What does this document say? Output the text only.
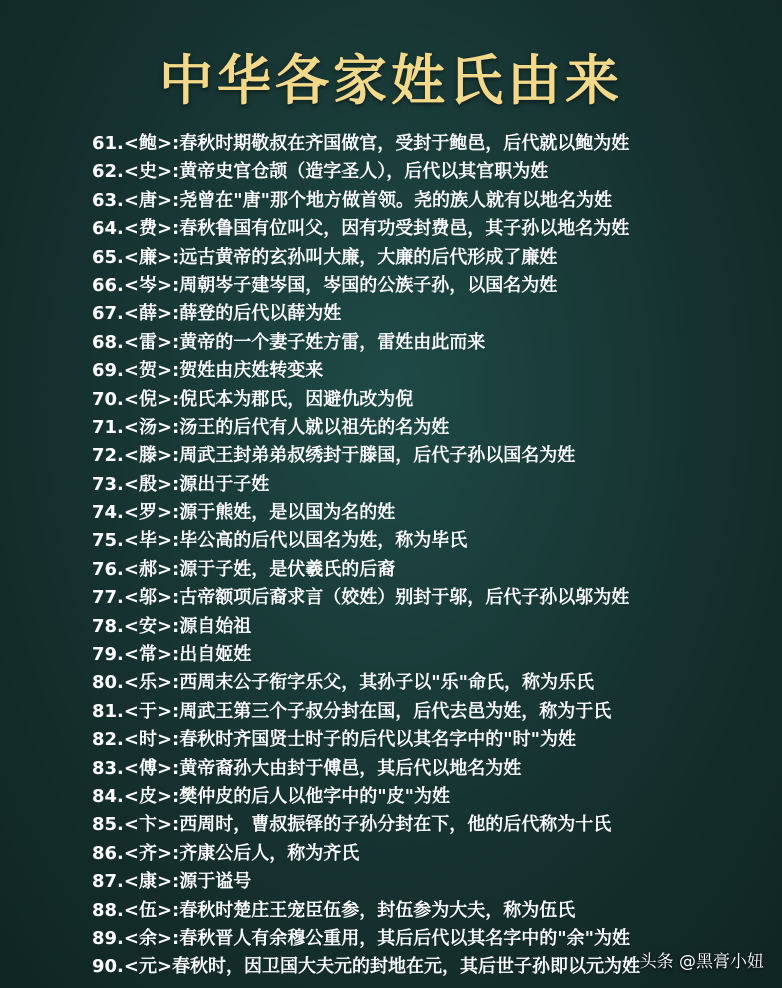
中华各家姓氏由来
61.<鲍>:春秋时期敬叔在齐国做官，受封于鲍邑，后代就以鲍为姓
62.<史>:黄帝史官仓颉（造字圣人），后代以其官职为姓
63.<唐>:尧曾在"唐"那个地方做首领。尧的族人就有以地名为姓
64.<费>:春秋鲁国有位叫父，因有功受封费邑，其子孙以地名为姓
65.<廉>:远古黄帝的玄孙叫大廉，大廉的后代形成了廉姓
66.<岑>:周朝岑子建岑国，岑国的公族子孙，以国名为姓
67.<薛>:薛登的后代以薛为姓
68.<雷>:黄帝的一个妻子姓方雷，雷姓由此而来
69.<贺>:贺姓由庆姓转变来
70.<倪>:倪氏本为郡氏，因避仇改为倪
71.<汤>:汤王的后代有人就以祖先的名为姓
72.<滕>:周武王封弟弟叔绣封于滕国，后代子孙以国名为姓
73.<殷>:源出于子姓
74.<罗>:源于熊姓，是以国为名的姓
75.<毕>:毕公高的后代以国名为姓，称为毕氏
76.<郝>:源于子姓，是伏羲氏的后裔
77.<邬>:古帝额项后裔求言（姣姓）别封于邬，后代子孙以邬为姓
78.<安>:源自始祖
79.<常>:出自姬姓
80.<乐>:西周末公子衔字乐父，其孙子以"乐"命氏，称为乐氏
81.<于>:周武王第三个子叔分封在国，后代去邑为姓，称为于氏
82.<时>:春秋时齐国贤士时子的后代以其名字中的"时"为姓
83.<傅>:黄帝裔孙大由封于傅邑，其后代以地名为姓
84.<皮>:樊仲皮的后人以他字中的"皮"为姓
85.<卞>:西周时，曹叔振铎的子孙分封在下，他的后代称为十氏
86.<齐>:齐康公后人，称为齐氏
87.<康>:源于谥号
88.<伍>:春秋时楚庄王宠臣伍参，封伍参为大夫，称为伍氏
89.<余>:春秋晋人有余穆公重用，其后后代以其名字中的"余"为姓
90.<元>春秋时，因卫国大夫元的封地在元，其后世子孙即以元为姓 头条 @黑膏小妞
